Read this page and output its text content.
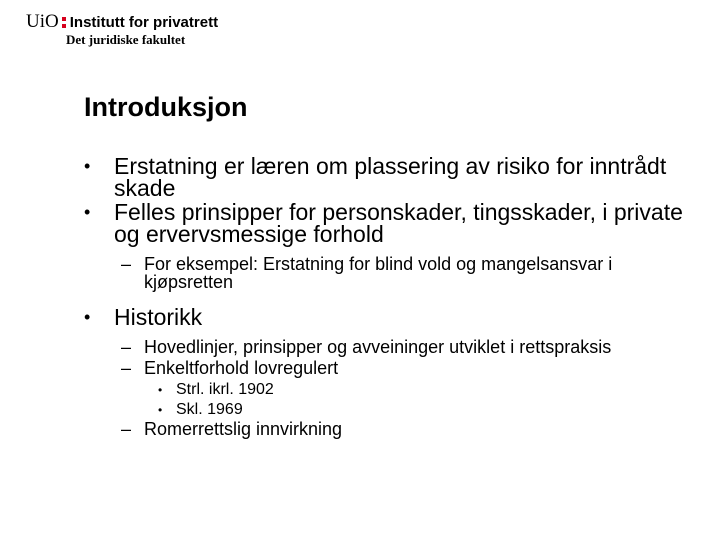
UiO Institutt for privatrett
Det juridiske fakultet
Introduksjon
• Erstatning er læren om plassering av risiko for inntrådt skade
• Felles prinsipper for personskader, tingsskader, i private og ervervsmessige forhold
– For eksempel: Erstatning for blind vold og mangelsansvar i kjøpsretten
• Historikk
– Hovedlinjer, prinsipper og avveininger utviklet i rettspraksis
– Enkeltforhold lovregulert
• Strl. ikrl. 1902
• Skl. 1969
– Romerrettslig innvirkning
